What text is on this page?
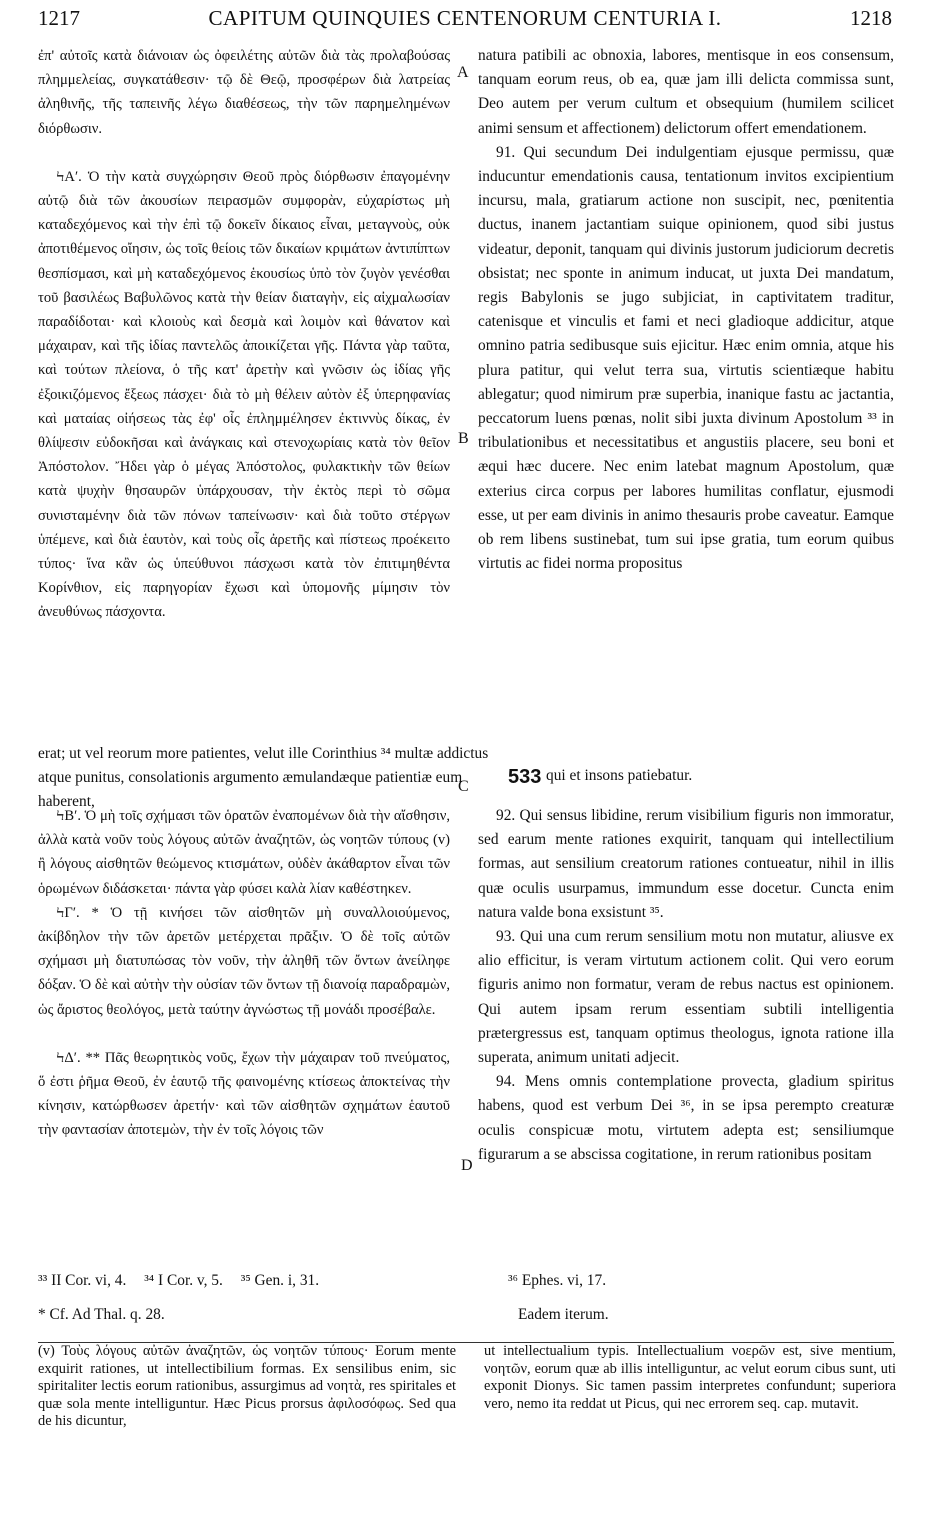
1217	CAPITUM QUINQUIES CENTENORUM CENTURIA I.	1218
A
B
C
D

ἐπ' αὐτοῖς κατὰ διάνοιαν ὡς ὀφειλέτης αὐτῶν διὰ τὰς προλαβούσας πλημμελείας, συγκατάθεσιν· τῷ δὲ Θεῷ, προσφέρων διὰ λατρείας ἀληθινῆς, τῆς ταπεινῆς λέγω διαθέσεως, τὴν τῶν παρημελημένων διόρθωσιν.

ϞΑʹ. Ὁ τὴν κατὰ συγχώρησιν Θεοῦ πρὸς διόρθωσιν ἐπαγομένην αὐτῷ διὰ τῶν ἀκουσίων πειρασμῶν συμφορὰν, εὐχαρίστως μὴ καταδεχόμενος καὶ τὴν ἐπὶ τῷ δοκεῖν δίκαιος εἶναι, μεταγνοὺς, οὐκ ἀποτιθέμενος οἴησιν, ὡς τοῖς θείοις τῶν δικαίων κριμάτων ἀντιπίπτων θεσπίσμασι, καὶ μὴ καταδεχόμενος ἑκουσίως ὑπὸ τὸν ζυγὸν γενέσθαι τοῦ βασιλέως Βαβυλῶνος κατὰ τὴν θείαν διαταγὴν, εἰς αἰχμαλωσίαν παραδίδοται· καὶ κλοιοὺς καὶ δεσμὰ καὶ λοιμὸν καὶ θάνατον καὶ μάχαιραν, καὶ τῆς ἰδίας παντελῶς ἀποικίζεται γῆς. Πάντα γὰρ ταῦτα, καὶ τούτων πλείονα, ὁ τῆς κατ' ἀρετὴν καὶ γνῶσιν ὡς ἰδίας γῆς ἐξοικιζόμενος ἔξεως πάσχει· διὰ τὸ μὴ θέλειν αὐτὸν ἐξ ὑπερηφανίας καὶ ματαίας οἰήσεως τὰς ἐφ' οἷς ἐπλημμέλησεν ἐκτιννὺς δίκας, ἐν θλίψεσιν εὐδοκῆσαι καὶ ἀνάγκαις καὶ στενοχωρίαις κατὰ τὸν θεῖον Ἀπόστολον. Ἤδει γὰρ ὁ μέγας Ἀπόστολος, φυλακτικὴν τῶν θείων κατὰ ψυχὴν θησαυρῶν ὑπάρχουσαν, τὴν ἐκτὸς περὶ τὸ σῶμα συνισταμένην διὰ τῶν πόνων ταπείνωσιν· καὶ διὰ τοῦτο στέργων ὑπέμενε, καὶ διὰ ἑαυτὸν, καὶ τοὺς οἷς ἀρετῆς καὶ πίστεως προέκειτο τύπος· ἵνα κἂν ὡς ὑπεύθυνοι πάσχωσι κατὰ τὸν ἐπιτιμηθέντα Κορίνθιον, εἰς παρηγορίαν ἔχωσι καὶ ὑπομονῆς μίμησιν τὸν ἀνευθύνως πάσχοντα.

natura patibili ac obnoxia, labores, mentisque in eos consensum, tanquam eorum reus, ob ea, quæ jam illi delicta commissa sunt, Deo autem per verum cultum et obsequium (humilem scilicet animi sensum et affectionem) delictorum offert emendationem.

91. Qui secundum Dei indulgentiam ejusque permissu, quæ inducuntur emendationis causa, tentationum invitos excipientium incursu, mala, gratiarum actione non suscipit, nec, pœnitentia ductus, inanem jactantiam suique opinionem, quod sibi justus videatur, deponit, tanquam qui divinis justorum judiciorum decretis obsistat; nec sponte in animum inducat, ut juxta Dei mandatum, regis Babylonis se jugo subjiciat, in captivitatem traditur, catenisque et vinculis et fami et neci gladioque addicitur, atque omnino patria sedibusque suis ejicitur. Hæc enim omnia, atque his plura patitur, qui velut terra sua, virtutis scientiæque habitu ablegatur; quod nimirum præ superbia, inanique fastu ac jactantia, peccatorum luens pœnas, nolit sibi juxta divinum Apostolum ³³ in tribulationibus et necessitatibus et angustiis placere, seu boni et æqui hæc ducere. Nec enim latebat magnum Apostolum, quæ exterius circa corpus per labores humilitas conflatur, ejusmodi esse, ut per eam divinis in animo thesauris probe caveatur. Eamque ob rem libens sustinebat, tum sui ipse gratia, tum eorum quibus virtutis ac fidei norma propositus

erat; ut vel reorum more patientes, velut ille Corinthius ³⁴ multæ addictus atque punitus, consolationis argumento æmulandæque patientiæ eum haberent,
533 qui et insons patiebatur.

ϞΒʹ. Ὁ μὴ τοῖς σχήμασι τῶν ὁρατῶν ἐναπομένων διὰ τὴν αἴσθησιν, ἀλλὰ κατὰ νοῦν τοὺς λόγους αὐτῶν ἀναζητῶν, ὡς νοητῶν τύπους (v) ἢ λόγους αἰσθητῶν θεώμενος κτισμάτων, οὐδὲν ἀκάθαρτον εἶναι τῶν ὁρωμένων διδάσκεται· πάντα γὰρ φύσει καλὰ λίαν καθέστηκεν.

ϞΓʹ. * Ὁ τῇ κινήσει τῶν αἰσθητῶν μὴ συναλλοιούμενος, ἀκίβδηλον τὴν τῶν ἀρετῶν μετέρχεται πρᾶξιν. Ὁ δὲ τοῖς αὐτῶν σχήμασι μὴ διατυπώσας τὸν νοῦν, τὴν ἀληθῆ τῶν ὄντων ἀνείληφε δόξαν. Ὁ δὲ καὶ αὐτὴν τὴν οὐσίαν τῶν ὄντων τῇ διανοίᾳ παραδραμὼν, ὡς ἄριστος θεολόγος, μετὰ ταύτην ἀγνώστως τῇ μονάδι προσέβαλε.

ϞΔʹ. ** Πᾶς θεωρητικὸς νοῦς, ἔχων τὴν μάχαιραν τοῦ πνεύματος, ὅ ἐστι ῥῆμα Θεοῦ, ἐν ἑαυτῷ τῆς φαινομένης κτίσεως ἀποκτείνας τὴν κίνησιν, κατώρθωσεν ἀρετήν· καὶ τῶν αἰσθητῶν σχημάτων ἑαυτοῦ τὴν φαντασίαν ἀποτεμὼν, τὴν ἐν τοῖς λόγοις τῶν

92. Qui sensus libidine, rerum visibilium figuris non immoratur, sed earum mente rationes exquirit, tanquam qui intellectilium formas, aut sensilium creatorum rationes contueatur, nihil in illis quæ oculis usurpamus, immundum esse docetur. Cuncta enim natura valde bona exsistunt ³⁵.

93. Qui una cum rerum sensilium motu non mutatur, aliusve ex alio efficitur, is veram virtutum actionem colit. Qui vero eorum figuris animo non formatur, veram de rebus nactus est opinionem. Qui autem ipsam rerum essentiam subtili intelligentia prætergressus est, tanquam optimus theologus, ignota ratione illa superata, animum unitati adjecit.

94. Mens omnis contemplatione provecta, gladium spiritus habens, quod est verbum Dei ³⁶, in se ipsa perempto creaturæ oculis conspicuæ motu, virtutem adepta est; sensiliumque figurarum a se abscissa cogitatione, in rerum rationibus positam

³³ II Cor. vi, 4. ³⁴ I Cor. v, 5. ³⁵ Gen. i, 31.	³⁶ Ephes. vi, 17.
* Cf. Ad Thal. q. 28.	Eadem iterum.
(v) Τοὺς λόγους αὐτῶν ἀναζητῶν, ὡς νοητῶν τύπους· Eorum mente exquirit rationes, ut intellectibilium formas. Ex sensilibus enim, sic spiritaliter lectis eorum rationibus, assurgimus ad νοητὰ, res spiritales et quæ sola mente intelliguntur. Hæc Picus prorsus ἀφιλοσόφως. Sed qua de his dicuntur,
ut intellectualium typis. Intellectualium νοερῶν est, sive mentium, νοητῶν, eorum quæ ab illis intelliguntur, ac velut eorum cibus sunt, uti exponit Dionys. Sic tamen passim interpretes confundunt; superiora vero, nemo ita reddat ut Picus, qui nec errorem seq. cap. mutavit.
